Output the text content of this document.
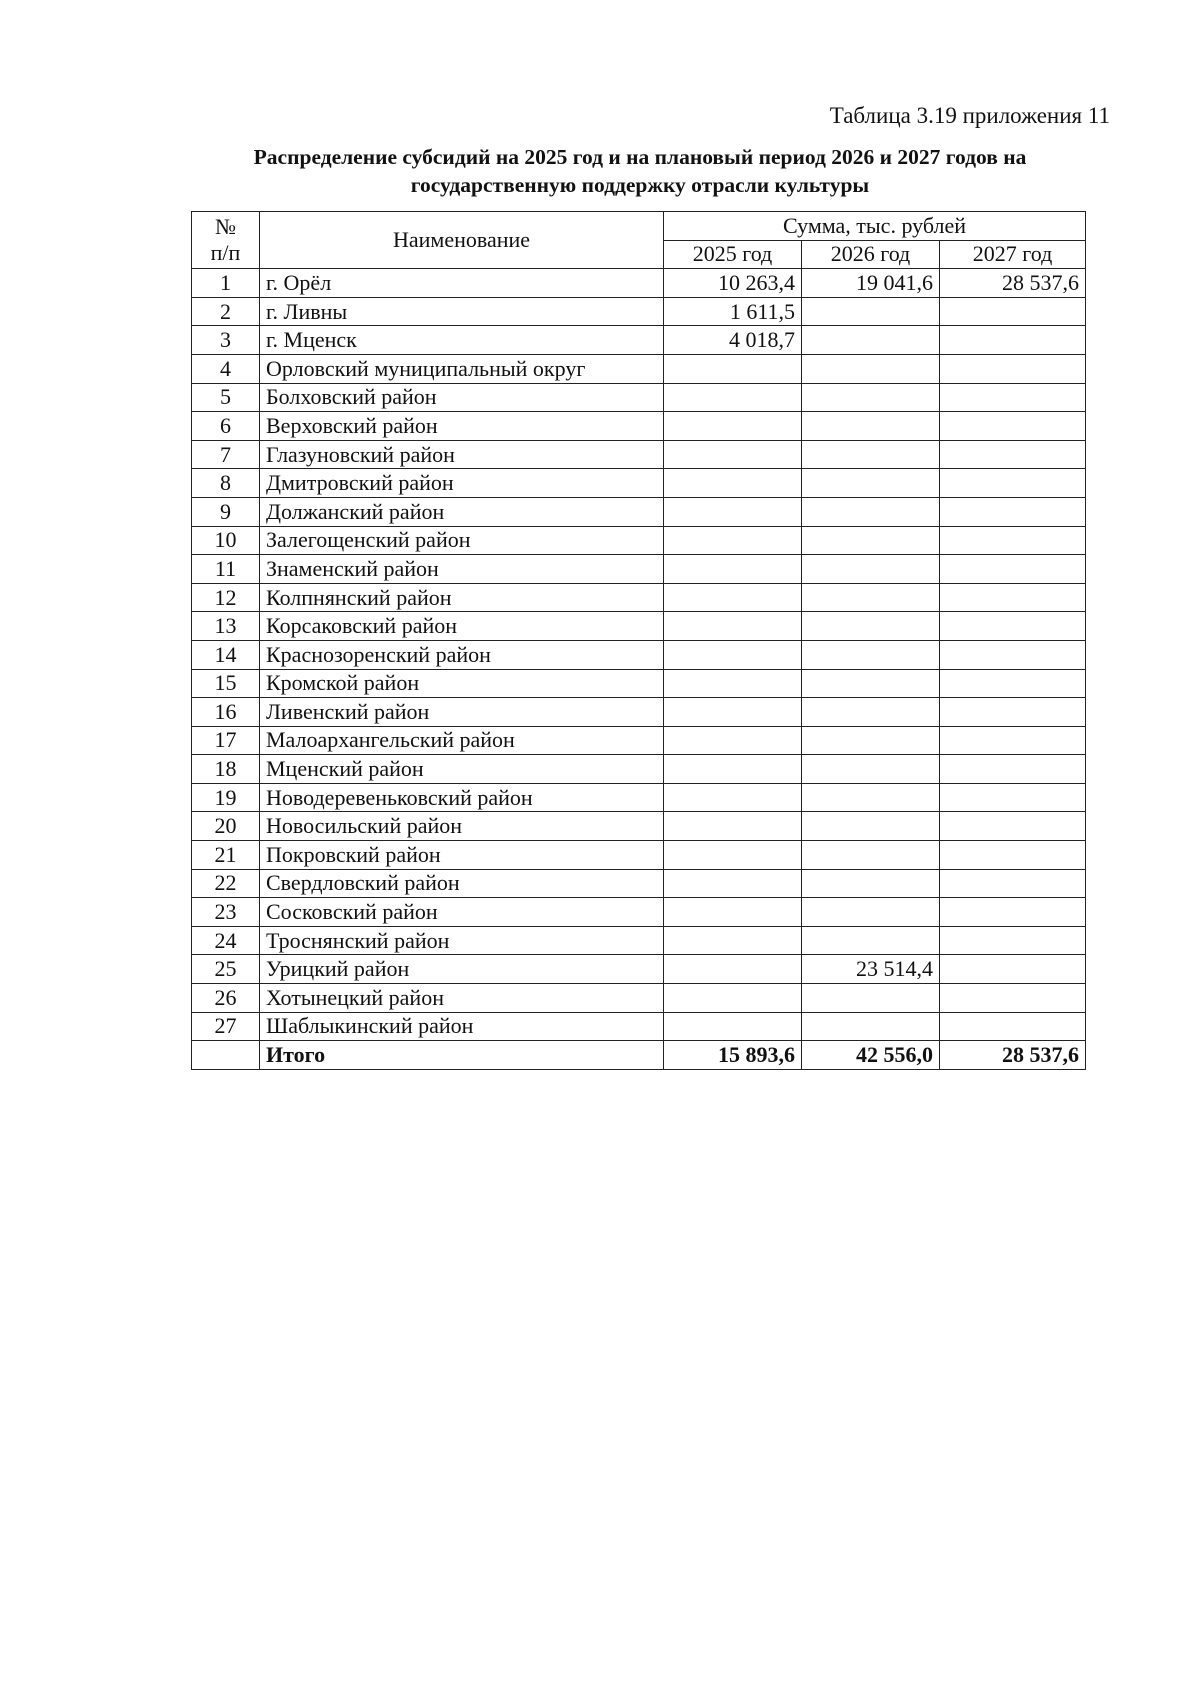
Таблица 3.19 приложения 11
Распределение субсидий на 2025 год и на плановый период 2026 и 2027 годов на
государственную поддержку отрасли культуры
№
п/п	Наименование	Сумма, тыс. рублей		
		2025 год	2026 год	2027 год
1	г. Орёл	10 263,4	19 041,6	28 537,6
2	г. Ливны	1 611,5		
3	г. Мценск	4 018,7		
4	Орловский муниципальный округ			
5	Болховский район			
6	Верховский район			
7	Глазуновский район			
8	Дмитровский район			
9	Должанский район			
10	Залегощенский район			
11	Знаменский район			
12	Колпнянский район			
13	Корсаковский район			
14	Краснозоренский район			
15	Кромской район			
16	Ливенский район			
17	Малоархангельский район			
18	Мценский район			
19	Новодеревеньковский район			
20	Новосильский район			
21	Покровский район			
22	Свердловский район			
23	Сосковский район			
24	Троснянский район			
25	Урицкий район		23 514,4	
26	Хотынецкий район			
27	Шаблыкинский район			
	Итого	15 893,6	42 556,0	28 537,6
